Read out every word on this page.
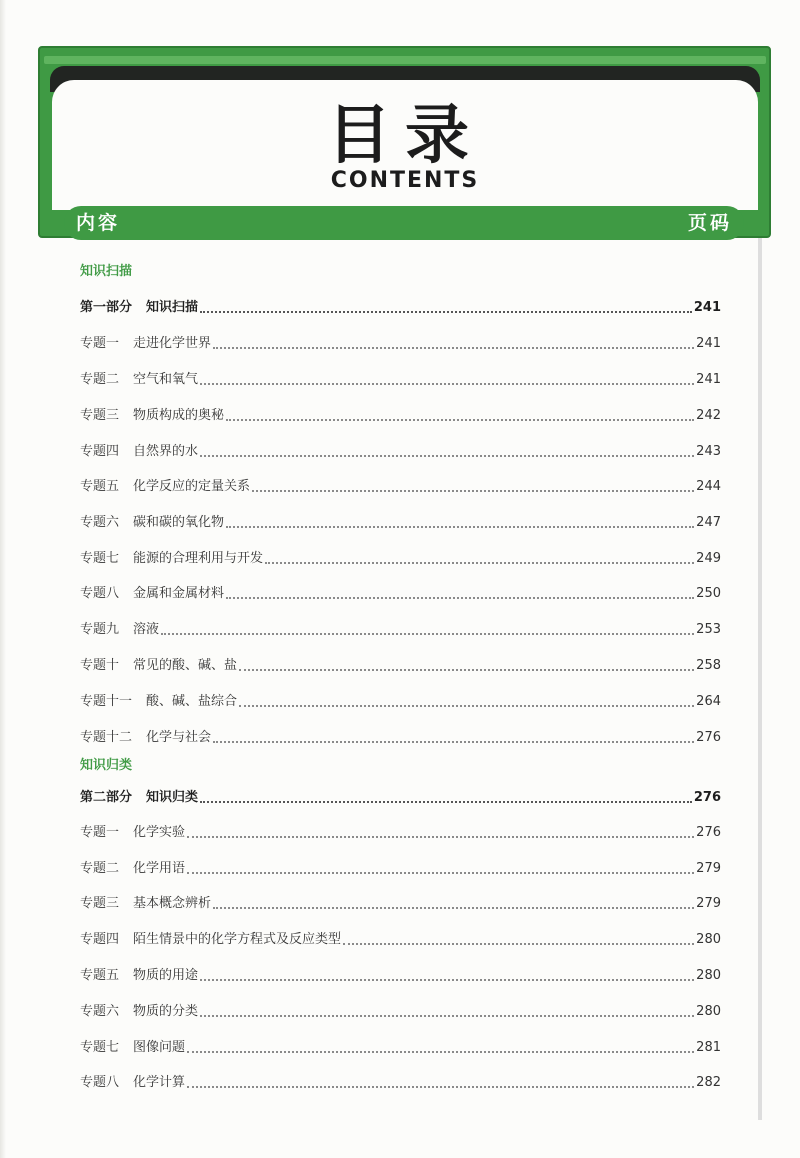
目录
CONTENTS
内容	页码
知识扫描
第一部分 知识扫描	241
专题一 走进化学世界	241
专题二 空气和氧气	241
专题三 物质构成的奥秘	242
专题四 自然界的水	243
专题五 化学反应的定量关系	244
专题六 碳和碳的氧化物	247
专题七 能源的合理利用与开发	249
专题八 金属和金属材料	250
专题九 溶液	253
专题十 常见的酸、碱、盐	258
专题十一 酸、碱、盐综合	264
专题十二 化学与社会	276
知识归类
第二部分 知识归类	276
专题一 化学实验	276
专题二 化学用语	279
专题三 基本概念辨析	279
专题四 陌生情景中的化学方程式及反应类型	280
专题五 物质的用途	280
专题六 物质的分类	280
专题七 图像问题	281
专题八 化学计算	282
